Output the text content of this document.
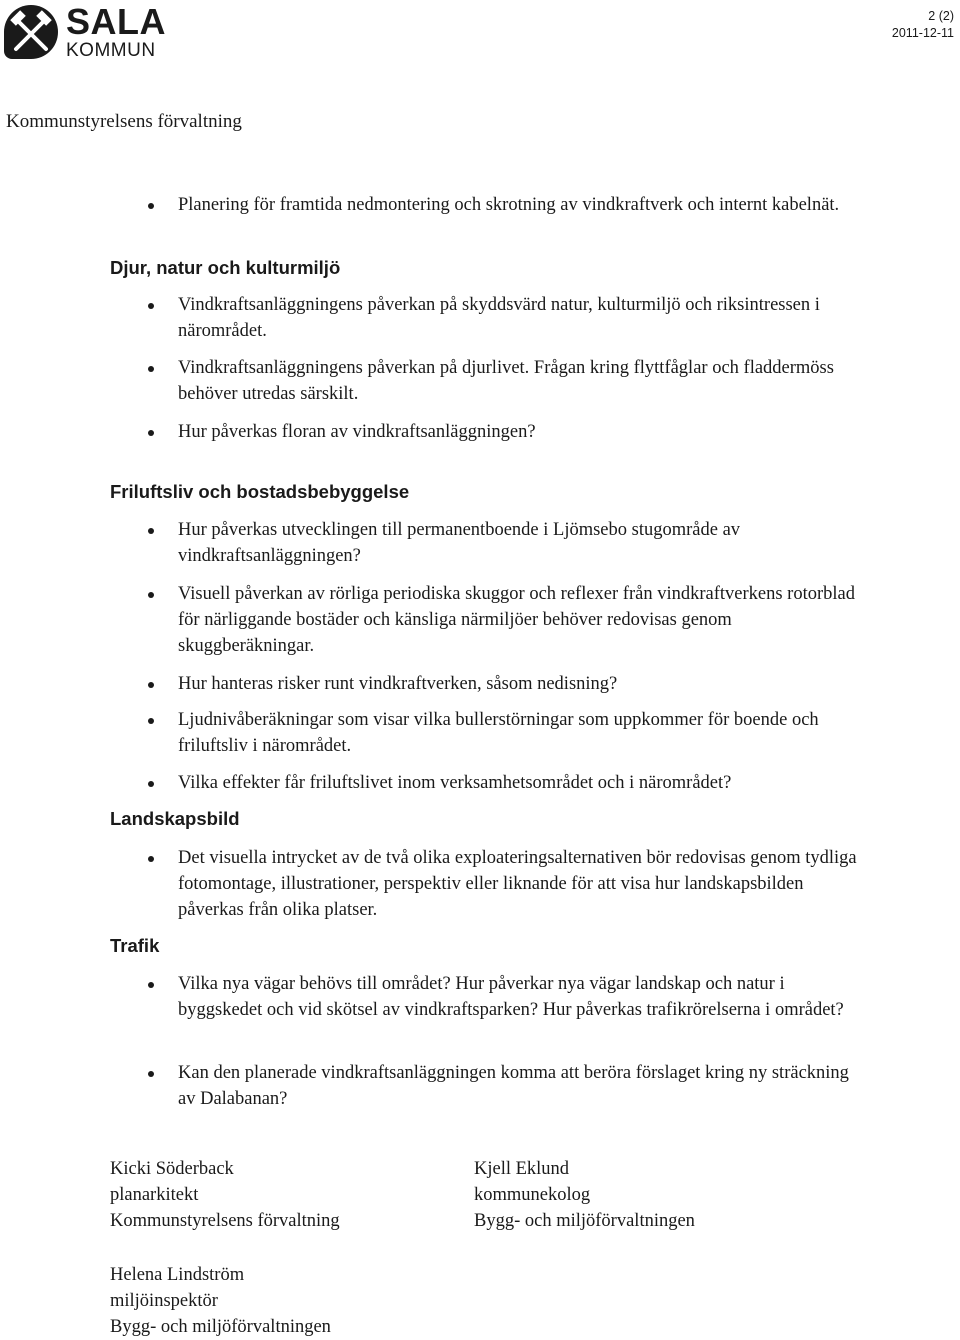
SALA
KOMMUN
2 (2)
2011-12-11
Kommunstyrelsens förvaltning
Planering för framtida nedmontering och skrotning av vindkraftverk och internt kabelnät.
Djur, natur och kulturmiljö
Vindkraftsanläggningens påverkan på skyddsvärd natur, kulturmiljö och riksintressen i närområdet.
Vindkraftsanläggningens påverkan på djurlivet. Frågan kring flyttfåglar och fladdermöss behöver utredas särskilt.
Hur påverkas floran av vindkraftsanläggningen?
Friluftsliv och bostadsbebyggelse
Hur påverkas utvecklingen till permanentboende i Ljömsebo stugområde av vindkraftsanläggningen?
Visuell påverkan av rörliga periodiska skuggor och reflexer från vindkraftverkens rotorblad för närliggande bostäder och känsliga närmiljöer behöver redovisas genom skuggberäkningar.
Hur hanteras risker runt vindkraftverken, såsom nedisning?
Ljudnivåberäkningar som visar vilka bullerstörningar som uppkommer för boende och friluftsliv i närområdet.
Vilka effekter får friluftslivet inom verksamhetsområdet och i närområdet?
Landskapsbild
Det visuella intrycket av de två olika exploateringsalternativen bör redovisas genom tydliga fotomontage, illustrationer, perspektiv eller liknande för att visa hur landskapsbilden påverkas från olika platser.
Trafik
Vilka nya vägar behövs till området? Hur påverkar nya vägar landskap och natur i byggskedet och vid skötsel av vindkraftsparken? Hur påverkas trafikrörelserna i området?
Kan den planerade vindkraftsanläggningen komma att beröra förslaget kring ny sträckning av Dalabanan?
Kicki Söderback
planarkitekt
Kommunstyrelsens förvaltning
Kjell Eklund
kommunekolog
Bygg- och miljöförvaltningen
Helena Lindström
miljöinspektör
Bygg- och miljöförvaltningen
